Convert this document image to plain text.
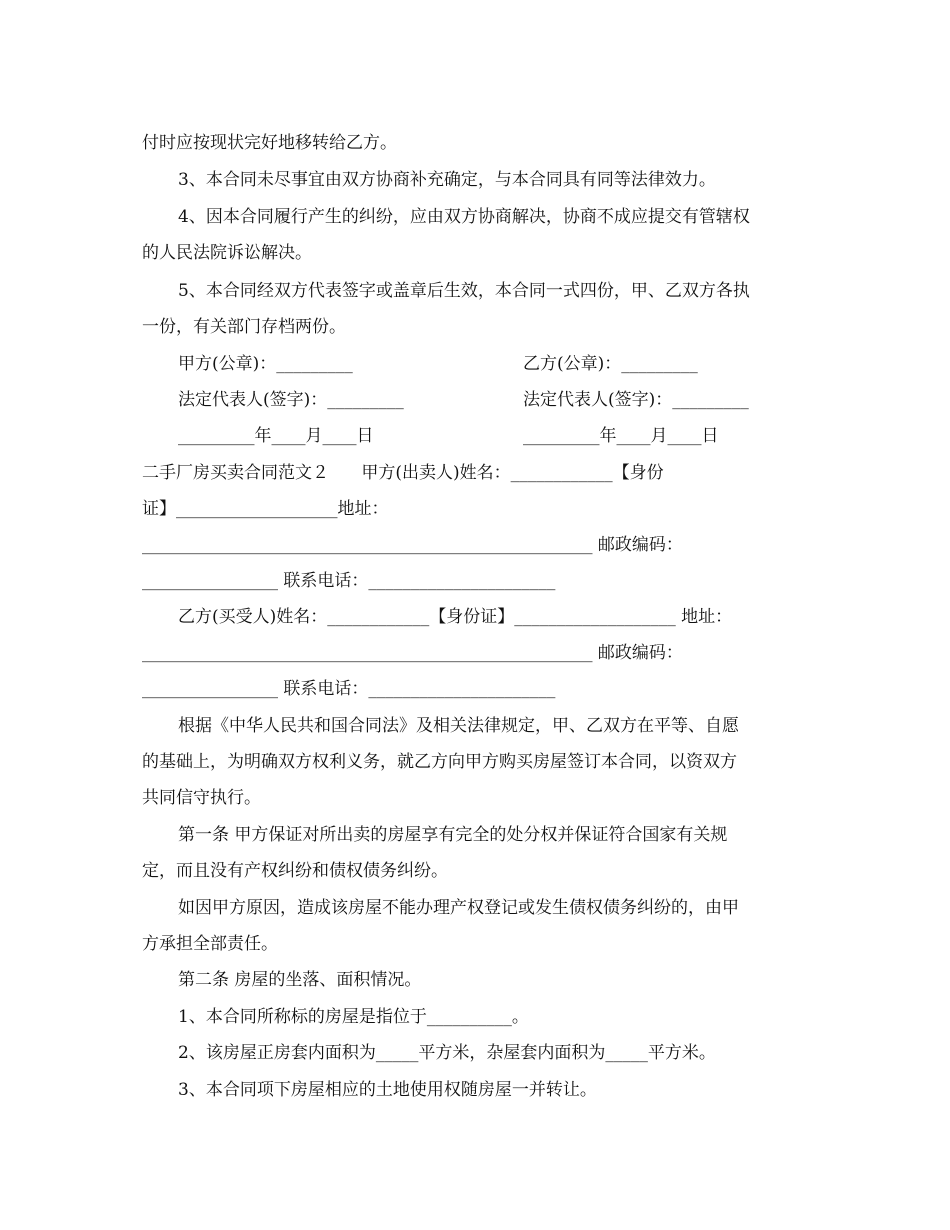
付时应按现状完好地移转给乙方。
3、本合同未尽事宜由双方协商补充确定，与本合同具有同等法律效力。
4、因本合同履行产生的纠纷，应由双方协商解决，协商不成应提交有管辖权
的人民法院诉讼解决。
5、本合同经双方代表签字或盖章后生效，本合同一式四份，甲、乙双方各执
一份，有关部门存档两份。
甲方(公章)：_________	乙方(公章)：_________
法定代表人(签字)：_________	法定代表人(签字)：_________
_________年____月____日	_________年____月____日
二手厂房买卖合同范文２      甲方(出卖人)姓名：____________【身份
证】___________________地址：
_____________________________________________________ 邮政编码：
________________ 联系电话：______________________
乙方(买受人)姓名：____________【身份证】___________________ 地址：
_____________________________________________________ 邮政编码：
________________ 联系电话：______________________
根据《中华人民共和国合同法》及相关法律规定，甲、乙双方在平等、自愿
的基础上，为明确双方权利义务，就乙方向甲方购买房屋签订本合同，以资双方
共同信守执行。
第一条 甲方保证对所出卖的房屋享有完全的处分权并保证符合国家有关规
定，而且没有产权纠纷和债权债务纠纷。
如因甲方原因，造成该房屋不能办理产权登记或发生债权债务纠纷的，由甲
方承担全部责任。
第二条 房屋的坐落、面积情况。
1、本合同所称标的房屋是指位于__________。
2、该房屋正房套内面积为_____平方米，杂屋套内面积为_____平方米。
3、本合同项下房屋相应的土地使用权随房屋一并转让。
